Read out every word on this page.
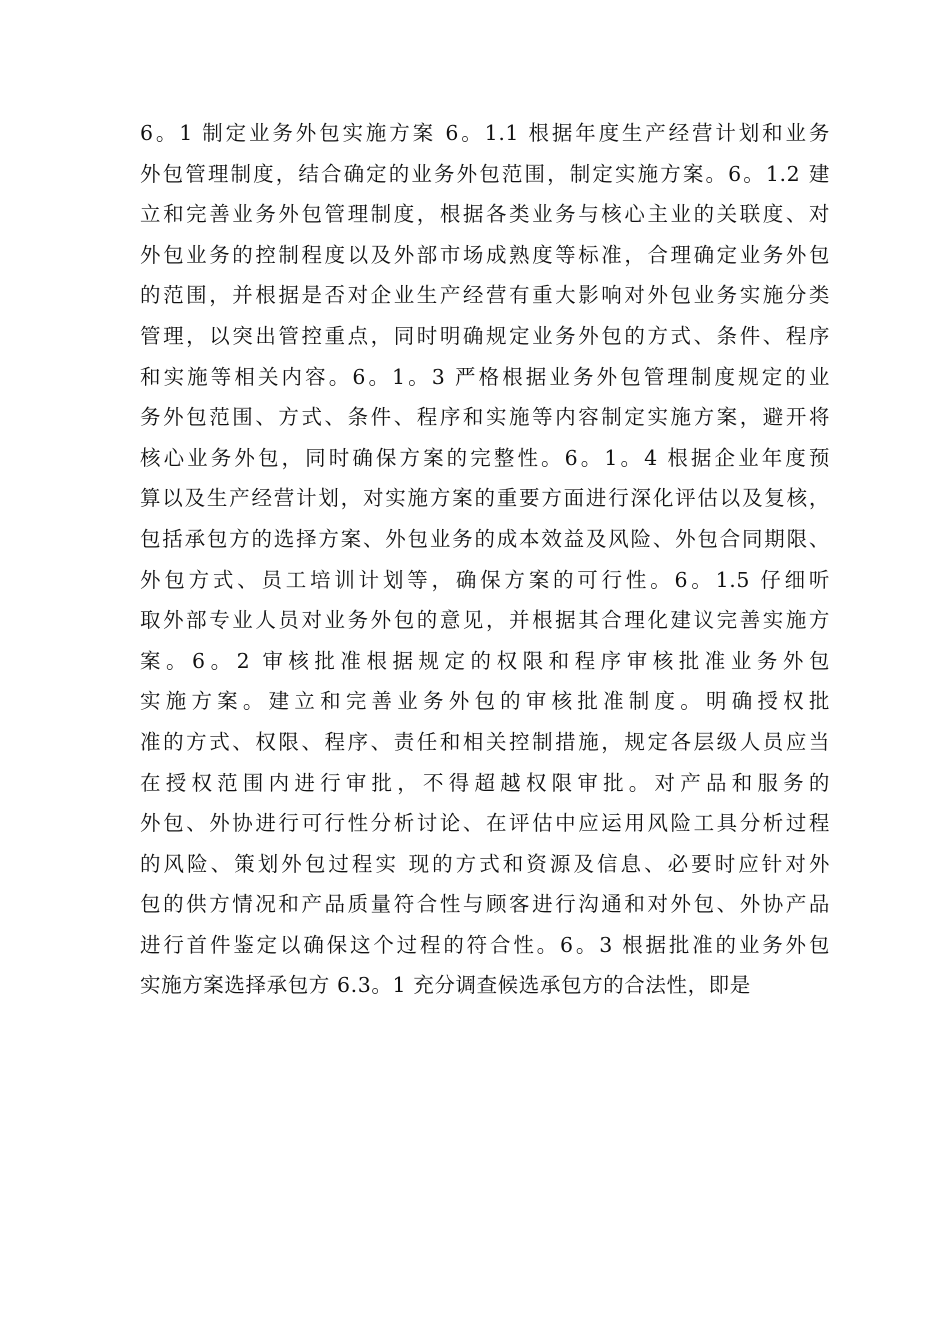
6。1 制定业务外包实施方案 6。1.1 根据年度生产经营计划和业务
外包管理制度，结合确定的业务外包范围，制定实施方案。6。1.2 建
立和完善业务外包管理制度，根据各类业务与核心主业的关联度、对
外包业务的控制程度以及外部市场成熟度等标准，合理确定业务外包
的范围，并根据是否对企业生产经营有重大影响对外包业务实施分类
管理，以突出管控重点，同时明确规定业务外包的方式、条件、程序
和实施等相关内容。6。1。3 严格根据业务外包管理制度规定的业
务外包范围、方式、条件、程序和实施等内容制定实施方案，避开将
核心业务外包，同时确保方案的完整性。6。1。4 根据企业年度预
算以及生产经营计划，对实施方案的重要方面进行深化评估以及复核，
包括承包方的选择方案、外包业务的成本效益及风险、外包合同期限、
外包方式、员工培训计划等，确保方案的可行性。6。1.5 仔细听
取外部专业人员对业务外包的意见，并根据其合理化建议完善实施方
案。6。2 审核批准根据规定的权限和程序审核批准业务外包
实施方案。建立和完善业务外包的审核批准制度。明确授权批
准的方式、权限、程序、责任和相关控制措施，规定各层级人员应当
在授权范围内进行审批，不得超越权限审批。对产品和服务的
外包、外协进行可行性分析讨论、在评估中应运用风险工具分析过程
的风险、策划外包过程实 现的方式和资源及信息、必要时应针对外
包的供方情况和产品质量符合性与顾客进行沟通和对外包、外协产品
进行首件鉴定以确保这个过程的符合性。6。3 根据批准的业务外包
实施方案选择承包方 6.3。1 充分调查候选承包方的合法性，即是
